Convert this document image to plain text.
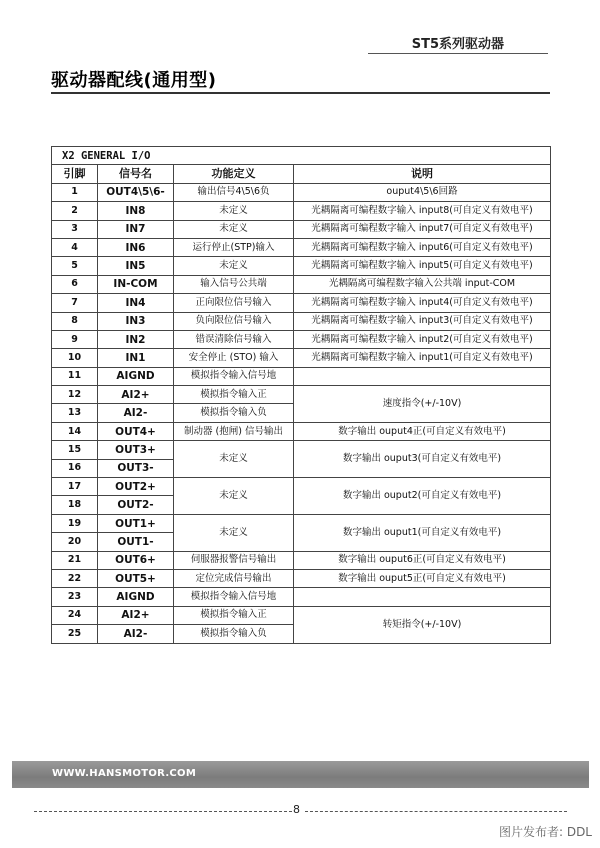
ST5系列驱动器
驱动器配线(通用型)
X2 GENERAL I/O			
引脚	信号名	功能定义	说明
1	OUT4\5\6-	输出信号4\5\6负	ouput4\5\6回路
2	IN8	未定义	光耦隔离可编程数字输入 input8(可自定义有效电平)
3	IN7	未定义	光耦隔离可编程数字输入 input7(可自定义有效电平)
4	IN6	运行停止(STP)输入	光耦隔离可编程数字输入 input6(可自定义有效电平)
5	IN5	未定义	光耦隔离可编程数字输入 input5(可自定义有效电平)
6	IN-COM	输入信号公共端	光耦隔离可编程数字输入公共端 input-COM
7	IN4	正向限位信号输入	光耦隔离可编程数字输入 input4(可自定义有效电平)
8	IN3	负向限位信号输入	光耦隔离可编程数字输入 input3(可自定义有效电平)
9	IN2	错误清除信号输入	光耦隔离可编程数字输入 input2(可自定义有效电平)
10	IN1	安全停止 (STO) 输入	光耦隔离可编程数字输入 input1(可自定义有效电平)
11	AIGND	模拟指令输入信号地	
12	AI2+	模拟指令输入正	速度指令(+/-10V)
13	AI2-	模拟指令输入负	
14	OUT4+	制动器 (抱闸) 信号输出	数字输出 ouput4正(可自定义有效电平)
15	OUT3+	未定义	数字输出 ouput3(可自定义有效电平)
16	OUT3-		
17	OUT2+	未定义	数字输出 ouput2(可自定义有效电平)
18	OUT2-		
19	OUT1+	未定义	数字输出 ouput1(可自定义有效电平)
20	OUT1-		
21	OUT6+	伺服器报警信号输出	数字输出 ouput6正(可自定义有效电平)
22	OUT5+	定位完成信号输出	数字输出 ouput5正(可自定义有效电平)
23	AIGND	模拟指令输入信号地	
24	AI2+	模拟指令输入正	转矩指令(+/-10V)
25	AI2-	模拟指令输入负	
WWW.HANSMOTOR.COM
8
图片发布者: DDL
